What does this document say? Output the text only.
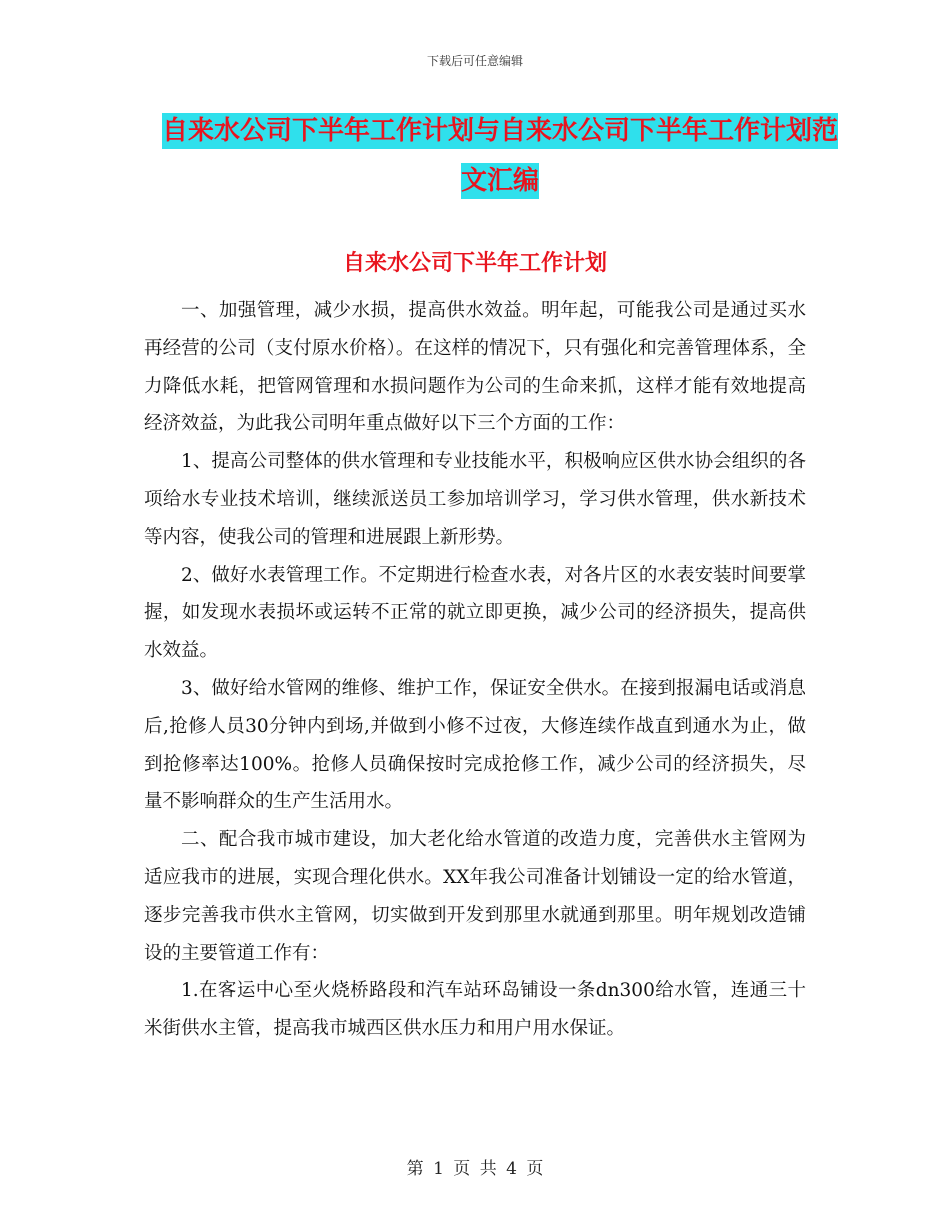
下载后可任意编辑
自来水公司下半年工作计划与自来水公司下半年工作计划范文汇编
自来水公司下半年工作计划

一、加强管理，减少水损，提高供水效益。明年起，可能我公司是通过买水再经营的公司（支付原水价格）。在这样的情况下，只有强化和完善管理体系，全力降低水耗，把管网管理和水损问题作为公司的生命来抓，这样才能有效地提高经济效益，为此我公司明年重点做好以下三个方面的工作：

1、提高公司整体的供水管理和专业技能水平，积极响应区供水协会组织的各项给水专业技术培训，继续派送员工参加培训学习，学习供水管理，供水新技术等内容，使我公司的管理和进展跟上新形势。

2、做好水表管理工作。不定期进行检查水表，对各片区的水表安装时间要掌握，如发现水表损坏或运转不正常的就立即更换，减少公司的经济损失，提高供水效益。

3、做好给水管网的维修、维护工作，保证安全供水。在接到报漏电话或消息后,抢修人员30分钟内到场,并做到小修不过夜，大修连续作战直到通水为止，做到抢修率达100%。抢修人员确保按时完成抢修工作，减少公司的经济损失，尽量不影响群众的生产生活用水。

二、配合我市城市建设，加大老化给水管道的改造力度，完善供水主管网为适应我市的进展，实现合理化供水。XX年我公司准备计划铺设一定的给水管道，逐步完善我市供水主管网，切实做到开发到那里水就通到那里。明年规划改造铺设的主要管道工作有：

1.在客运中心至火烧桥路段和汽车站环岛铺设一条dn300给水管，连通三十米街供水主管，提高我市城西区供水压力和用户用水保证。

第 1 页 共 4 页
